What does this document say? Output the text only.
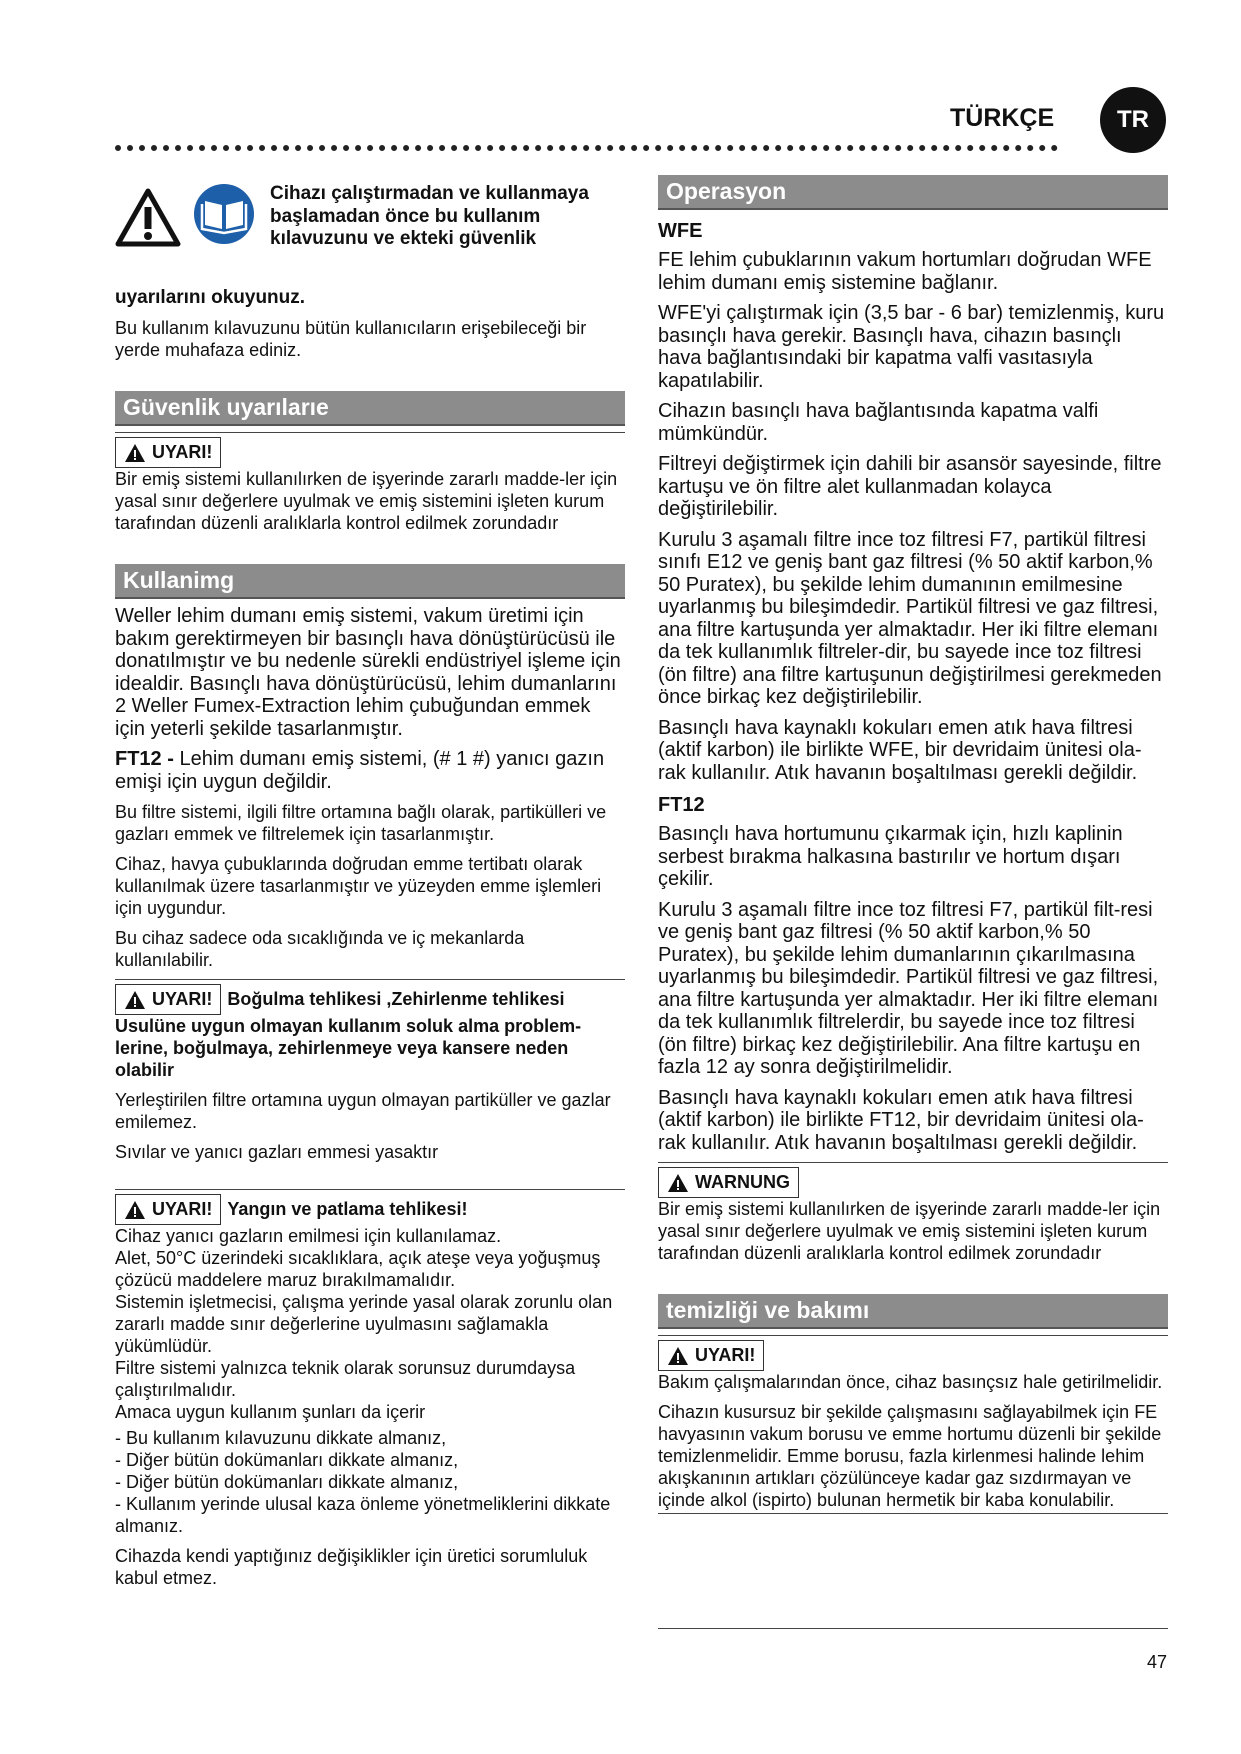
TÜRKÇE	TR
Cihazı çalıştırmadan ve kullanmaya başlamadan önce bu kullanım kılavuzunu ve ekteki güvenlik

uyarılarını okuyunuz.

Bu kullanım kılavuzunu bütün kullanıcıların erişebileceği bir yerde muhafaza ediniz.

Güvenlik uyarılarıe
UYARI!

Bir emiş sistemi kullanılırken de işyerinde zararlı madde-ler için yasal sınır değerlere uyulmak ve emiş sistemini işleten kurum tarafından düzenli aralıklarla kontrol edilmek zorundadır

Kullanimg

Weller lehim dumanı emiş sistemi, vakum üretimi için bakım gerektirmeyen bir basınçlı hava dönüştürücüsü ile donatılmıştır ve bu nedenle sürekli endüstriyel işleme için idealdir. Basınçlı hava dönüştürücüsü, lehim dumanlarını 2 Weller Fumex-Extraction lehim çubuğundan emmek için yeterli şekilde tasarlanmıştır.

FT12 - Lehim dumanı emiş sistemi, (# 1 #) yanıcı gazın emişi için uygun değildir.

Bu filtre sistemi, ilgili filtre ortamına bağlı olarak, partikülleri ve gazları emmek ve filtrelemek için tasarlanmıştır.

Cihaz, havya çubuklarında doğrudan emme tertibatı olarak kullanılmak üzere tasarlanmıştır ve yüzeyden emme işlemleri için uygundur.

Bu cihaz sadece oda sıcaklığında ve iç mekanlarda kullanılabilir.

UYARI! Boğulma tehlikesi ,Zehirlenme tehlikesi

Usulüne uygun olmayan kullanım soluk alma problem-lerine, boğulmaya, zehirlenmeye veya kansere neden olabilir

Yerleştirilen filtre ortamına uygun olmayan partiküller ve gazlar emilemez.

Sıvılar ve yanıcı gazları emmesi yasaktır

UYARI! Yangın ve patlama tehlikesi!

Cihaz yanıcı gazların emilmesi için kullanılamaz.

Alet, 50°C üzerindeki sıcaklıklara, açık ateşe veya yoğuşmuş çözücü maddelere maruz bırakılmamalıdır.

Sistemin işletmecisi, çalışma yerinde yasal olarak zorunlu olan zararlı madde sınır değerlerine uyulmasını sağlamakla yükümlüdür.

Filtre sistemi yalnızca teknik olarak sorunsuz durumdaysa çalıştırılmalıdır.

Amaca uygun kullanım şunları da içerir

- Bu kullanım kılavuzunu dikkate almanız,

- Diğer bütün dokümanları dikkate almanız,

- Diğer bütün dokümanları dikkate almanız,

- Kullanım yerinde ulusal kaza önleme yönetmeliklerini dikkate almanız.

Cihazda kendi yaptığınız değişiklikler için üretici sorumluluk kabul etmez.

Operasyon
WFE

FE lehim çubuklarının vakum hortumları doğrudan WFE lehim dumanı emiş sistemine bağlanır.

WFE'yi çalıştırmak için (3,5 bar - 6 bar) temizlenmiş, kuru basınçlı hava gerekir. Basınçlı hava, cihazın basınçlı hava bağlantısındaki bir kapatma valfi vasıtasıyla kapatılabilir.

Cihazın basınçlı hava bağlantısında kapatma valfi mümkündür.

Filtreyi değiştirmek için dahili bir asansör sayesinde, filtre kartuşu ve ön filtre alet kullanmadan kolayca değiştirilebilir.

Kurulu 3 aşamalı filtre ince toz filtresi F7, partikül filtresi sınıfı E12 ve geniş bant gaz filtresi (% 50 aktif karbon,% 50 Puratex), bu şekilde lehim dumanının emilmesine uyarlanmış bu bileşimdedir. Partikül filtresi ve gaz filtresi, ana filtre kartuşunda yer almaktadır. Her iki filtre elemanı da tek kullanımlık filtreler-dir, bu sayede ince toz filtresi (ön filtre) ana filtre kartuşunun değiştirilmesi gerekmeden önce birkaç kez değiştirilebilir.

Basınçlı hava kaynaklı kokuları emen atık hava filtresi (aktif karbon) ile birlikte WFE, bir devridaim ünitesi ola-rak kullanılır. Atık havanın boşaltılması gerekli değildir.

FT12

Basınçlı hava hortumunu çıkarmak için, hızlı kaplinin serbest bırakma halkasına bastırılır ve hortum dışarı çekilir.

Kurulu 3 aşamalı filtre ince toz filtresi F7, partikül filt-resi ve geniş bant gaz filtresi (% 50 aktif karbon,% 50 Puratex), bu şekilde lehim dumanlarının çıkarılmasına uyarlanmış bu bileşimdedir. Partikül filtresi ve gaz filtresi, ana filtre kartuşunda yer almaktadır. Her iki filtre elemanı da tek kullanımlık filtrelerdir, bu sayede ince toz filtresi (ön filtre) birkaç kez değiştirilebilir. Ana filtre kartuşu en fazla 12 ay sonra değiştirilmelidir.

Basınçlı hava kaynaklı kokuları emen atık hava filtresi (aktif karbon) ile birlikte FT12, bir devridaim ünitesi ola-rak kullanılır. Atık havanın boşaltılması gerekli değildir.

WARNUNG

Bir emiş sistemi kullanılırken de işyerinde zararlı madde-ler için yasal sınır değerlere uyulmak ve emiş sistemini işleten kurum tarafından düzenli aralıklarla kontrol edilmek zorundadır

temizliği ve bakımı
UYARI!

Bakım çalışmalarından önce, cihaz basınçsız hale getirilmelidir.

Cihazın kusursuz bir şekilde çalışmasını sağlayabilmek için FE havyasının vakum borusu ve emme hortumu düzenli bir şekilde temizlenmelidir. Emme borusu, fazla kirlenmesi halinde lehim akışkanının artıkları çözülünceye kadar gaz sızdırmayan ve içinde alkol (ispirto) bulunan hermetik bir kaba konulabilir.

47
